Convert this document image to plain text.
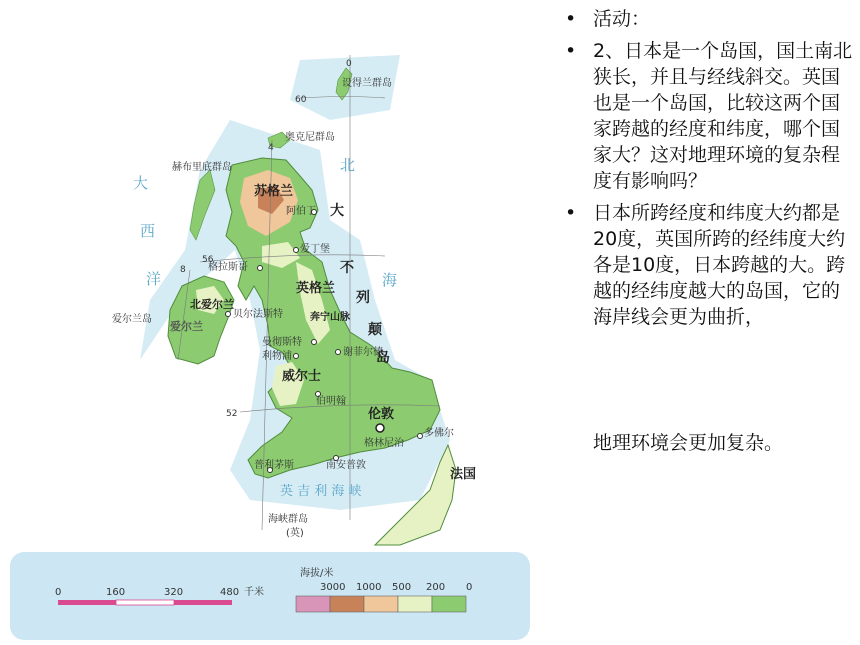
0
4
8
60
56
52
大
西
洋
北
海
英 吉 利 海 峡
大
不
列
颠
岛
苏格兰
英格兰
威尔士
北爱尔兰
爱尔兰
奔宁山脉
法国
设得兰群岛
奥克尼群岛
赫布里底群岛
爱尔兰岛
阿伯丁
爱丁堡
格拉斯哥
贝尔法斯特
曼彻斯特
利物浦	谢菲尔德
伯明翰
伦敦
格林尼治
多佛尔
普利茅斯	南安普敦
海峡群岛
(英)
0	160	320	480 千米
海拔/米
3000 1000 500 200 0
• 活动：
• 2、日本是一个岛国，国土南北狭长，并且与经线斜交。英国也是一个岛国，比较这两个国家跨越的经度和纬度，哪个国家大？这对地理环境的复杂程度有影响吗？
• 日本所跨经度和纬度大约都是20度，英国所跨的经纬度大约各是10度，日本跨越的大。跨越的经纬度越大的岛国，它的海岸线会更为曲折，
地理环境会更加复杂。
